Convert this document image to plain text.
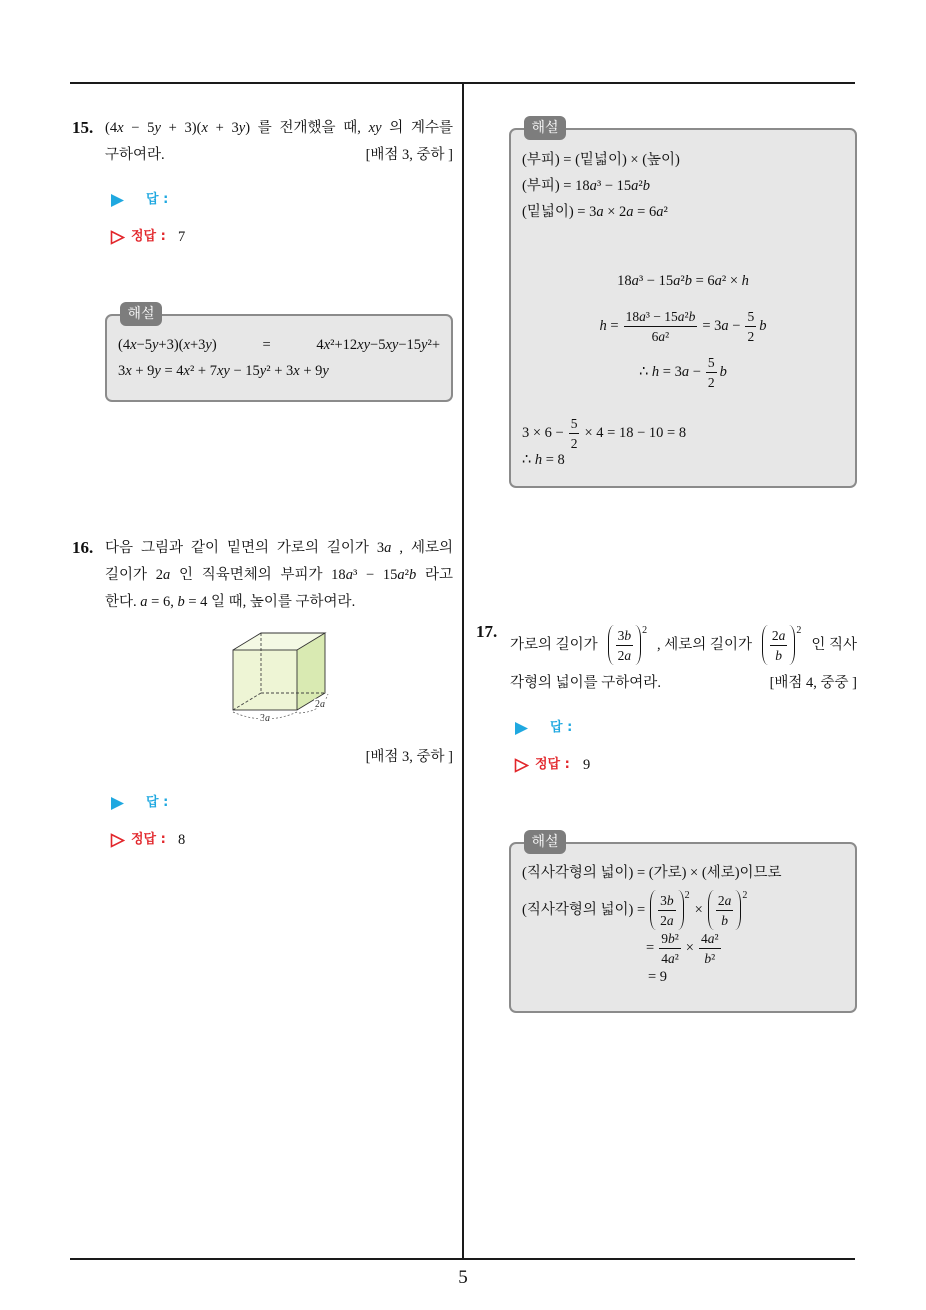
15. (4x − 5y + 3)(x + 3y) 를 전개했을 때, xy 의 계수를
구하여라.	[배점 3, 중하 ]
답 :
정답 : 7
해설
(4x−5y+3)(x+3y) = 4x²+12xy−5xy−15y²+
3x + 9y = 4x² + 7xy − 15y² + 3x + 9y
16. 다음 그림과 같이 밑면의 가로의 길이가 3a , 세로의
길이가 2a 인 직육면체의 부피가 18a³ − 15a²b 라고
한다. a = 6, b = 4 일 때, 높이를 구하여라.
3a
2a
[배점 3, 중하 ]
답 :
정답 : 8
해설
(부피) = (밑넓이) × (높이)
(부피) = 18a³ − 15a²b
(밑넓이) = 3a × 2a = 6a²
18a³ − 15a²b = 6a² × h
$h = \frac{\text{18a³ − 15a²b}}{\text{6a²}} = 3a - \frac{5}{2}$ b
∴ $h = 3a - \frac{5}{2}$ b
$3 \times 6 - \frac{5}{2} \times 4 = 18 - 10 = 8$
∴ h = 8
17.
가로의 길이가 $\frac{3b}{2a} 2$
, 세로의 길이가 $\frac{2a}{b} 2$
인 직사
각형의 넓이를 구하여라.	[배점 4, 중중 ]
답 :
정답 : 9
해설
(직사각형의 넓이) = (가로) × (세로)이므로
(직사각형의 넓이) = $\frac{3b}{2a} 2$
× $\frac{2a}{b} 2$
= $\frac{\text{9b²}}{\text{4a²}} \times \frac{\text{4a²}}{\text{b²}}$
= 9
5
